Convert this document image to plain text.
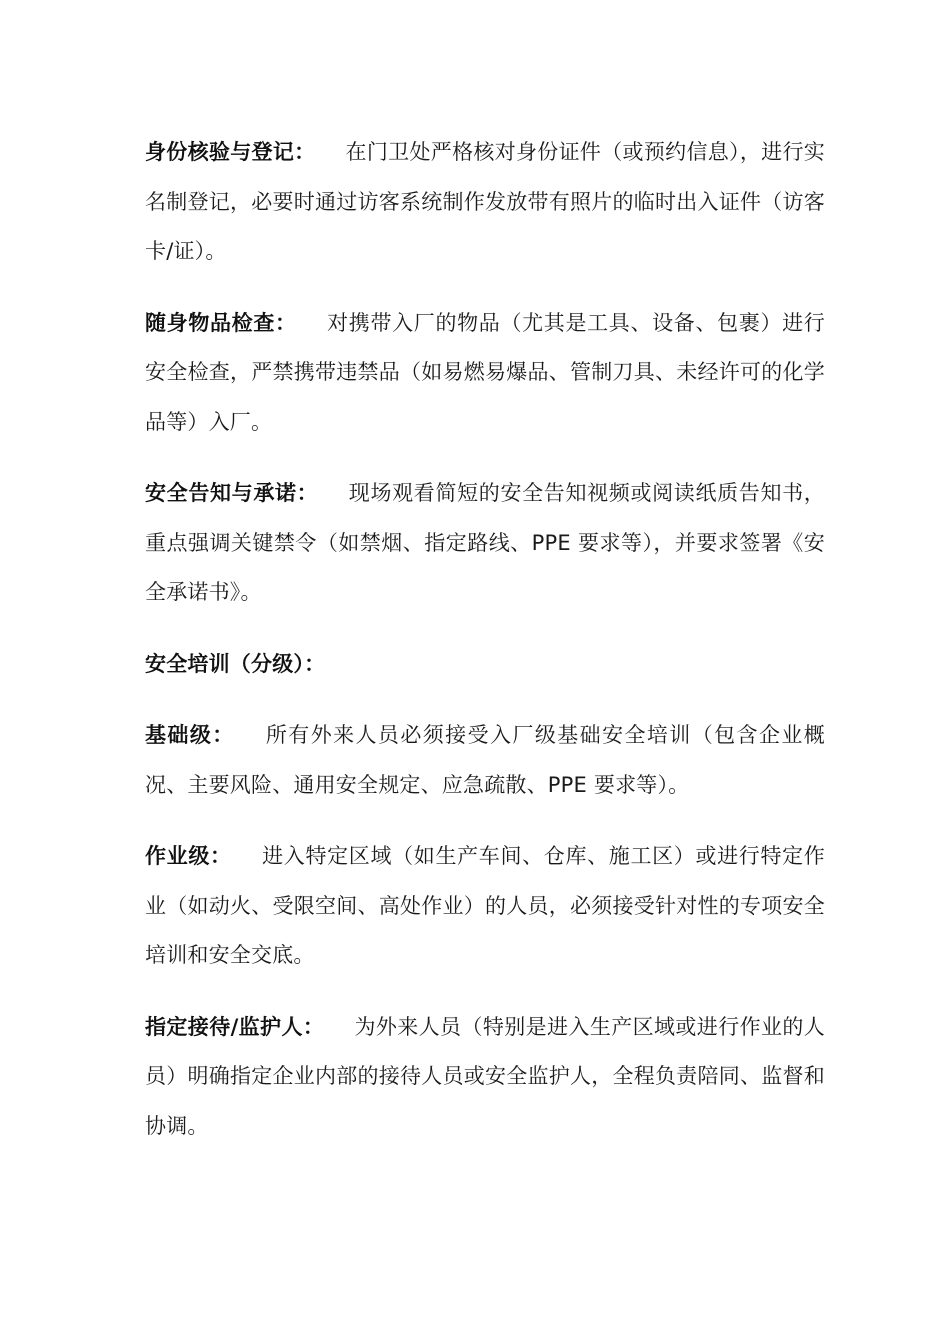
身份核验与登记： 在门卫处严格核对身份证件（或预约信息），进行实名制登记，必要时通过访客系统制作发放带有照片的临时出入证件（访客卡/证）。

随身物品检查： 对携带入厂的物品（尤其是工具、设备、包裹）进行安全检查，严禁携带违禁品（如易燃易爆品、管制刀具、未经许可的化学品等）入厂。

安全告知与承诺： 现场观看简短的安全告知视频或阅读纸质告知书，重点强调关键禁令（如禁烟、指定路线、PPE 要求等），并要求签署《安全承诺书》。

安全培训（分级）：

基础级： 所有外来人员必须接受入厂级基础安全培训（包含企业概况、主要风险、通用安全规定、应急疏散、PPE 要求等）。

作业级： 进入特定区域（如生产车间、仓库、施工区）或进行特定作业（如动火、受限空间、高处作业）的人员，必须接受针对性的专项安全培训和安全交底。

指定接待/监护人： 为外来人员（特别是进入生产区域或进行作业的人员）明确指定企业内部的接待人员或安全监护人，全程负责陪同、监督和协调。
